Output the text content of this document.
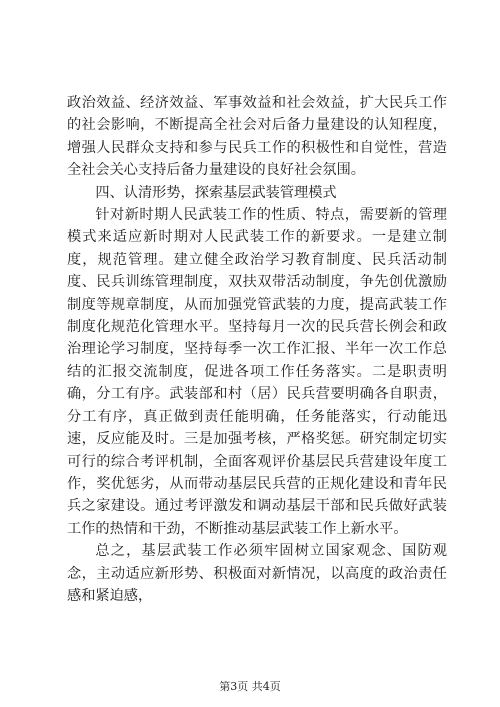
政治效益、经济效益、军事效益和社会效益，扩大民兵工作的社会影响，不断提高全社会对后备力量建设的认知程度，增强人民群众支持和参与民兵工作的积极性和自觉性，营造全社会关心支持后备力量建设的良好社会氛围。

四、认清形势，探索基层武装管理模式

针对新时期人民武装工作的性质、特点，需要新的管理模式来适应新时期对人民武装工作的新要求。一是建立制度，规范管理。建立健全政治学习教育制度、民兵活动制度、民兵训练管理制度，双扶双带活动制度，争先创优激励制度等规章制度，从而加强党管武装的力度，提高武装工作制度化规范化管理水平。坚持每月一次的民兵营长例会和政治理论学习制度，坚持每季一次工作汇报、半年一次工作总结的汇报交流制度，促进各项工作任务落实。二是职责明确，分工有序。武装部和村（居）民兵营要明确各自职责，分工有序，真正做到责任能明确，任务能落实，行动能迅速，反应能及时。三是加强考核，严格奖惩。研究制定切实可行的综合考评机制，全面客观评价基层民兵营建设年度工作，奖优惩劣，从而带动基层民兵营的正规化建设和青年民兵之家建设。通过考评激发和调动基层干部和民兵做好武装工作的热情和干劲，不断推动基层武装工作上新水平。

总之，基层武装工作必须牢固树立国家观念、国防观念，主动适应新形势、积极面对新情况，以高度的政治责任感和紧迫感，

第3页 共4页
